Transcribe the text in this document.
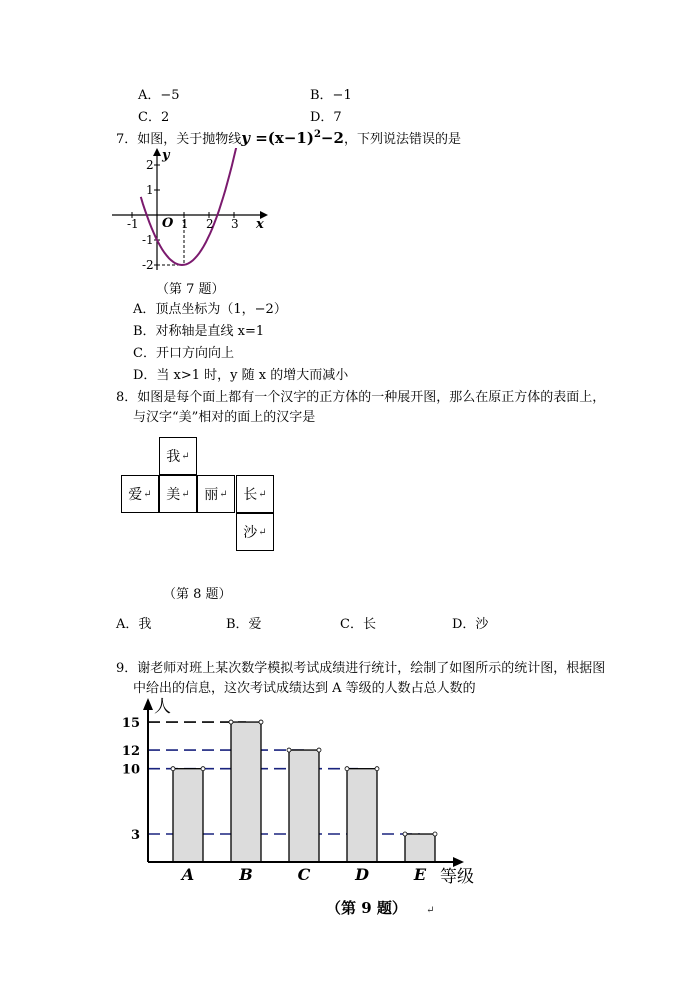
A．−5	B．−1
C．2	D．7
7．如图，关于抛物线$y =(x-1)^2-2$，下列说法错误的是
-1 O 1 2 3 x
2
1
-1
-2
y
（第 7 题）
A．顶点坐标为（1，−2）
B．对称轴是直线 x=1
C．开口方向向上
D．当 x>1 时，y 随 x 的增大而减小
8．如图是每个面上都有一个汉字的正方体的一种展开图，那么在原正方体的表面上，
与汉字“美”相对的面上的汉字是
我 ↵
爱 ↵ 美 ↵ 丽 ↵ 长 ↵
沙 ↵
（第 8 题）
A．我	B．爱	C．长	D．沙
9．谢老师对班上某次数学模拟考试成绩进行统计，绘制了如图所示的统计图，根据图
中给出的信息，这次考试成绩达到 A 等级的人数占总人数的
A	B	C	D	E
3
10
12
15
人
等级
（第 9 题） ↵
